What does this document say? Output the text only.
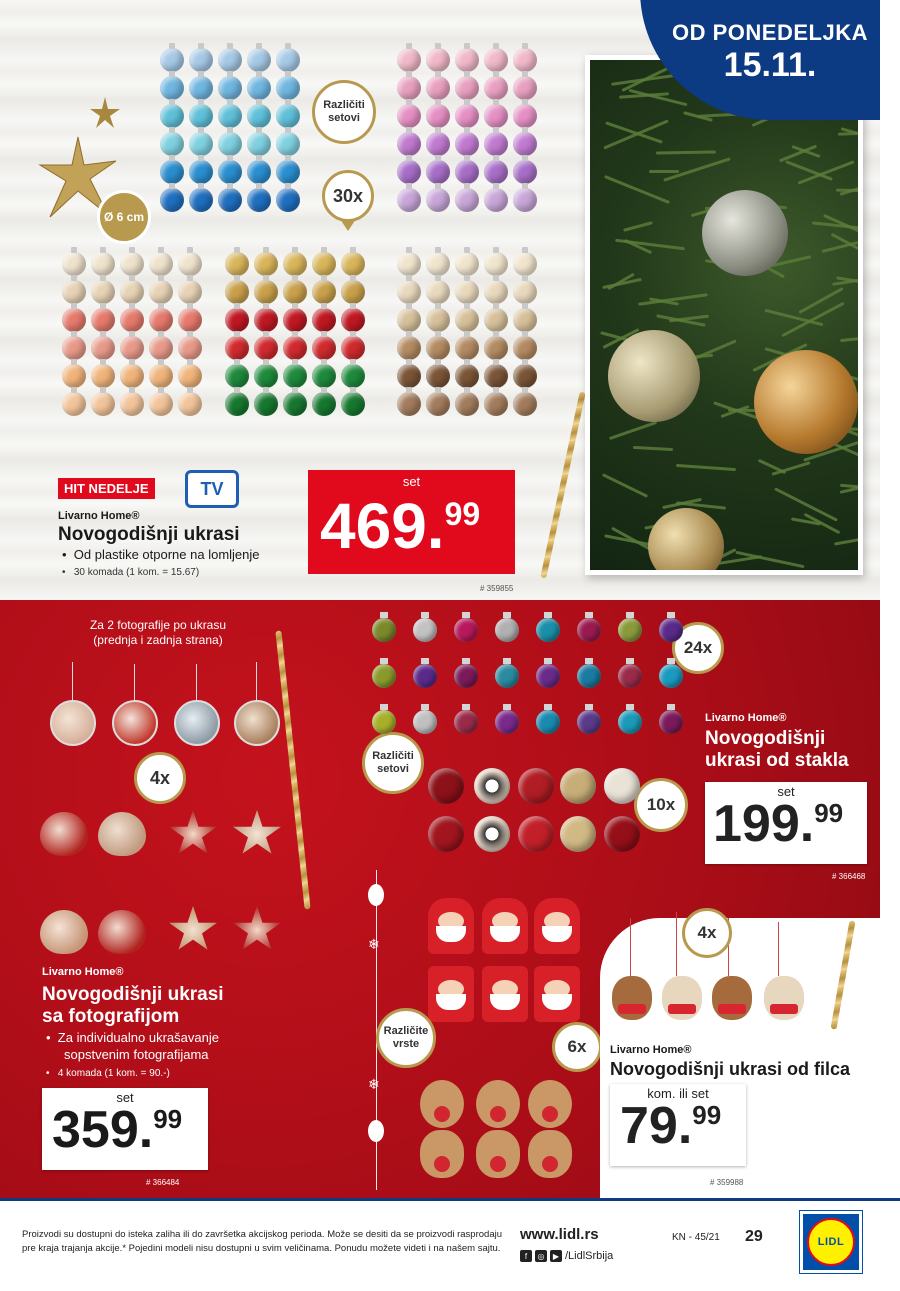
Ø 6 cm
Različiti setovi
30x
OD PONEDELJKA
15.11.
HIT NEDELJE	TV
Livarno Home®
Novogodišnji ukrasi
•  Od plastike otporne na lomljenje
•   30 komada (1 kom. = 15.67)
set
469.99
# 359855
Za 2 fotografije po ukrasu (prednja i zadnja strana)
4x
Livarno Home®
Novogodišnji ukrasi
sa fotografijom
•  Za individualno ukrašavanje
sopstvenim fotografijama
•   4 komada (1 kom. = 90.-)
set
359.99
# 366484
24x
Različiti setovi
10x
Livarno Home®
Novogodišnji
ukrasi od stakla
set
199.99
# 366468
❄
❄
Različite vrste	6x
4x
Livarno Home®
Novogodišnji ukrasi od filca
kom. ili set
79.99
# 359988
Proizvodi su dostupni do isteka zaliha ili do završetka akcijskog perioda. Može se desiti da se proizvodi rasprodaju pre kraja trajanja akcije.* Pojedini modeli nisu dostupni u svim veličinama. Ponudu možete videti i na našem sajtu.
www.lidl.rs
f	◎	▶ /LidlSrbija
KN - 45/21 29	LIDL
